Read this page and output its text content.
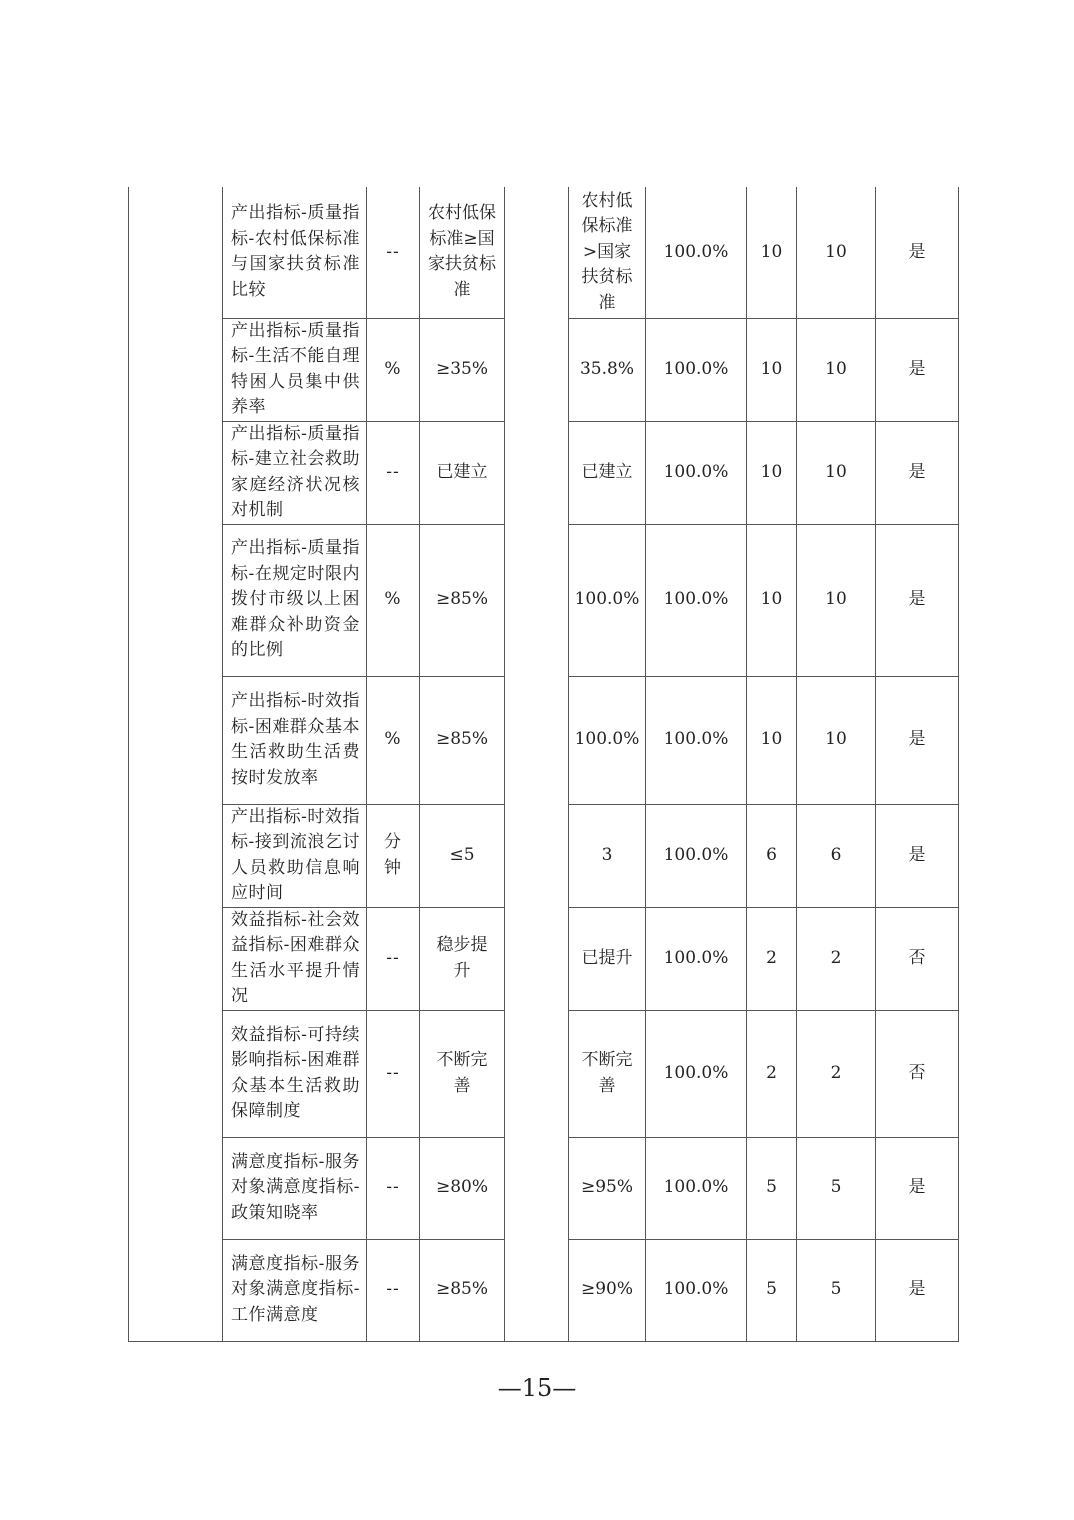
	产出指标-质量指标-农村低保标准与国家扶贫标准比较	--	农村低保标准≥国家扶贫标准		农村低保标准>国家扶贫标准	100.0%	10	10	是
	产出指标-质量指标-生活不能自理特困人员集中供养率	%	≥35%		35.8%	100.0%	10	10	是
	产出指标-质量指标-建立社会救助家庭经济状况核对机制	--	已建立		已建立	100.0%	10	10	是
	产出指标-质量指标-在规定时限内拨付市级以上困难群众补助资金的比例	%	≥85%		100.0%	100.0%	10	10	是
	产出指标-时效指标-困难群众基本生活救助生活费按时发放率	%	≥85%		100.0%	100.0%	10	10	是
	产出指标-时效指标-接到流浪乞讨人员救助信息响应时间	分钟	≤5		3	100.0%	6	6	是
	效益指标-社会效益指标-困难群众生活水平提升情况	--	稳步提升		已提升	100.0%	2	2	否
	效益指标-可持续影响指标-困难群众基本生活救助保障制度	--	不断完善		不断完善	100.0%	2	2	否
	满意度指标-服务对象满意度指标-政策知晓率	--	≥80%		≥95%	100.0%	5	5	是
	满意度指标-服务对象满意度指标-工作满意度	--	≥85%		≥90%	100.0%	5	5	是
—15—
